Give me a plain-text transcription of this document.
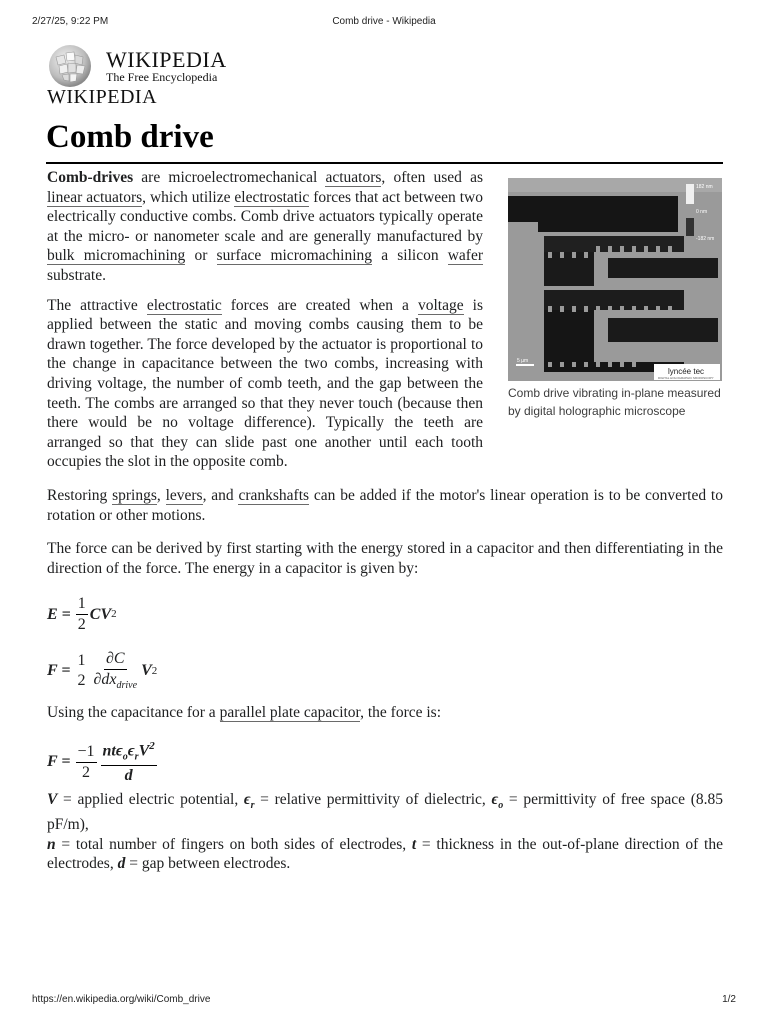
2/27/25, 9:22 PM	Comb drive - Wikipedia
WIKIPEDIA
The Free Encyclopedia
WIKIPEDIA
Comb drive
182 nm
0 nm
-182 nm
5 µm
lyncée tec
DIGITAL HOLOGRAPHIC MICROSCOPY
Comb drive vibrating in-plane measured by digital holographic microscope

Comb-drives are microelectromechanical actuators, often used as linear actuators, which utilize electrostatic forces that act between two electrically conductive combs. Comb drive actuators typically operate at the micro- or nanometer scale and are generally manufactured by bulk micromachining or surface micromachining a silicon wafer substrate.

The attractive electrostatic forces are created when a voltage is applied between the static and moving combs causing them to be drawn together. The force developed by the actuator is proportional to the change in capacitance between the two combs, increasing with driving voltage, the number of comb teeth, and the gap between the teeth. The combs are arranged so that they never touch (because then there would be no voltage difference). Typically the teeth are arranged so that they can slide past one another until each tooth occupies the slot in the opposite comb.

Restoring springs, levers, and crankshafts can be added if the motor's linear operation is to be converted to rotation or other motions.

The force can be derived by first starting with the energy stored in a capacitor and then differentiating in the direction of the force. The energy in a capacitor is given by:

$E = \frac{1}{2}$ CV 2
F =
1
$2 \frac{\partial C}{\partial dx_{drive}}$ V 2

Using the capacitance for a parallel plate capacitor, the force is:

$F = \frac{-1}{2} \frac{nt\epsilon_o\epsilon_rV^2}{d}$

V = applied electric potential, $\epsilon_r$ = relative permittivity of dielectric, $\epsilon_o$ = permittivity of free space (8.85 pF/m),
n = total number of fingers on both sides of electrodes, t = thickness in the out-of-plane direction of the electrodes, d = gap between electrodes.

https://en.wikipedia.org/wiki/Comb_drive	1/2
